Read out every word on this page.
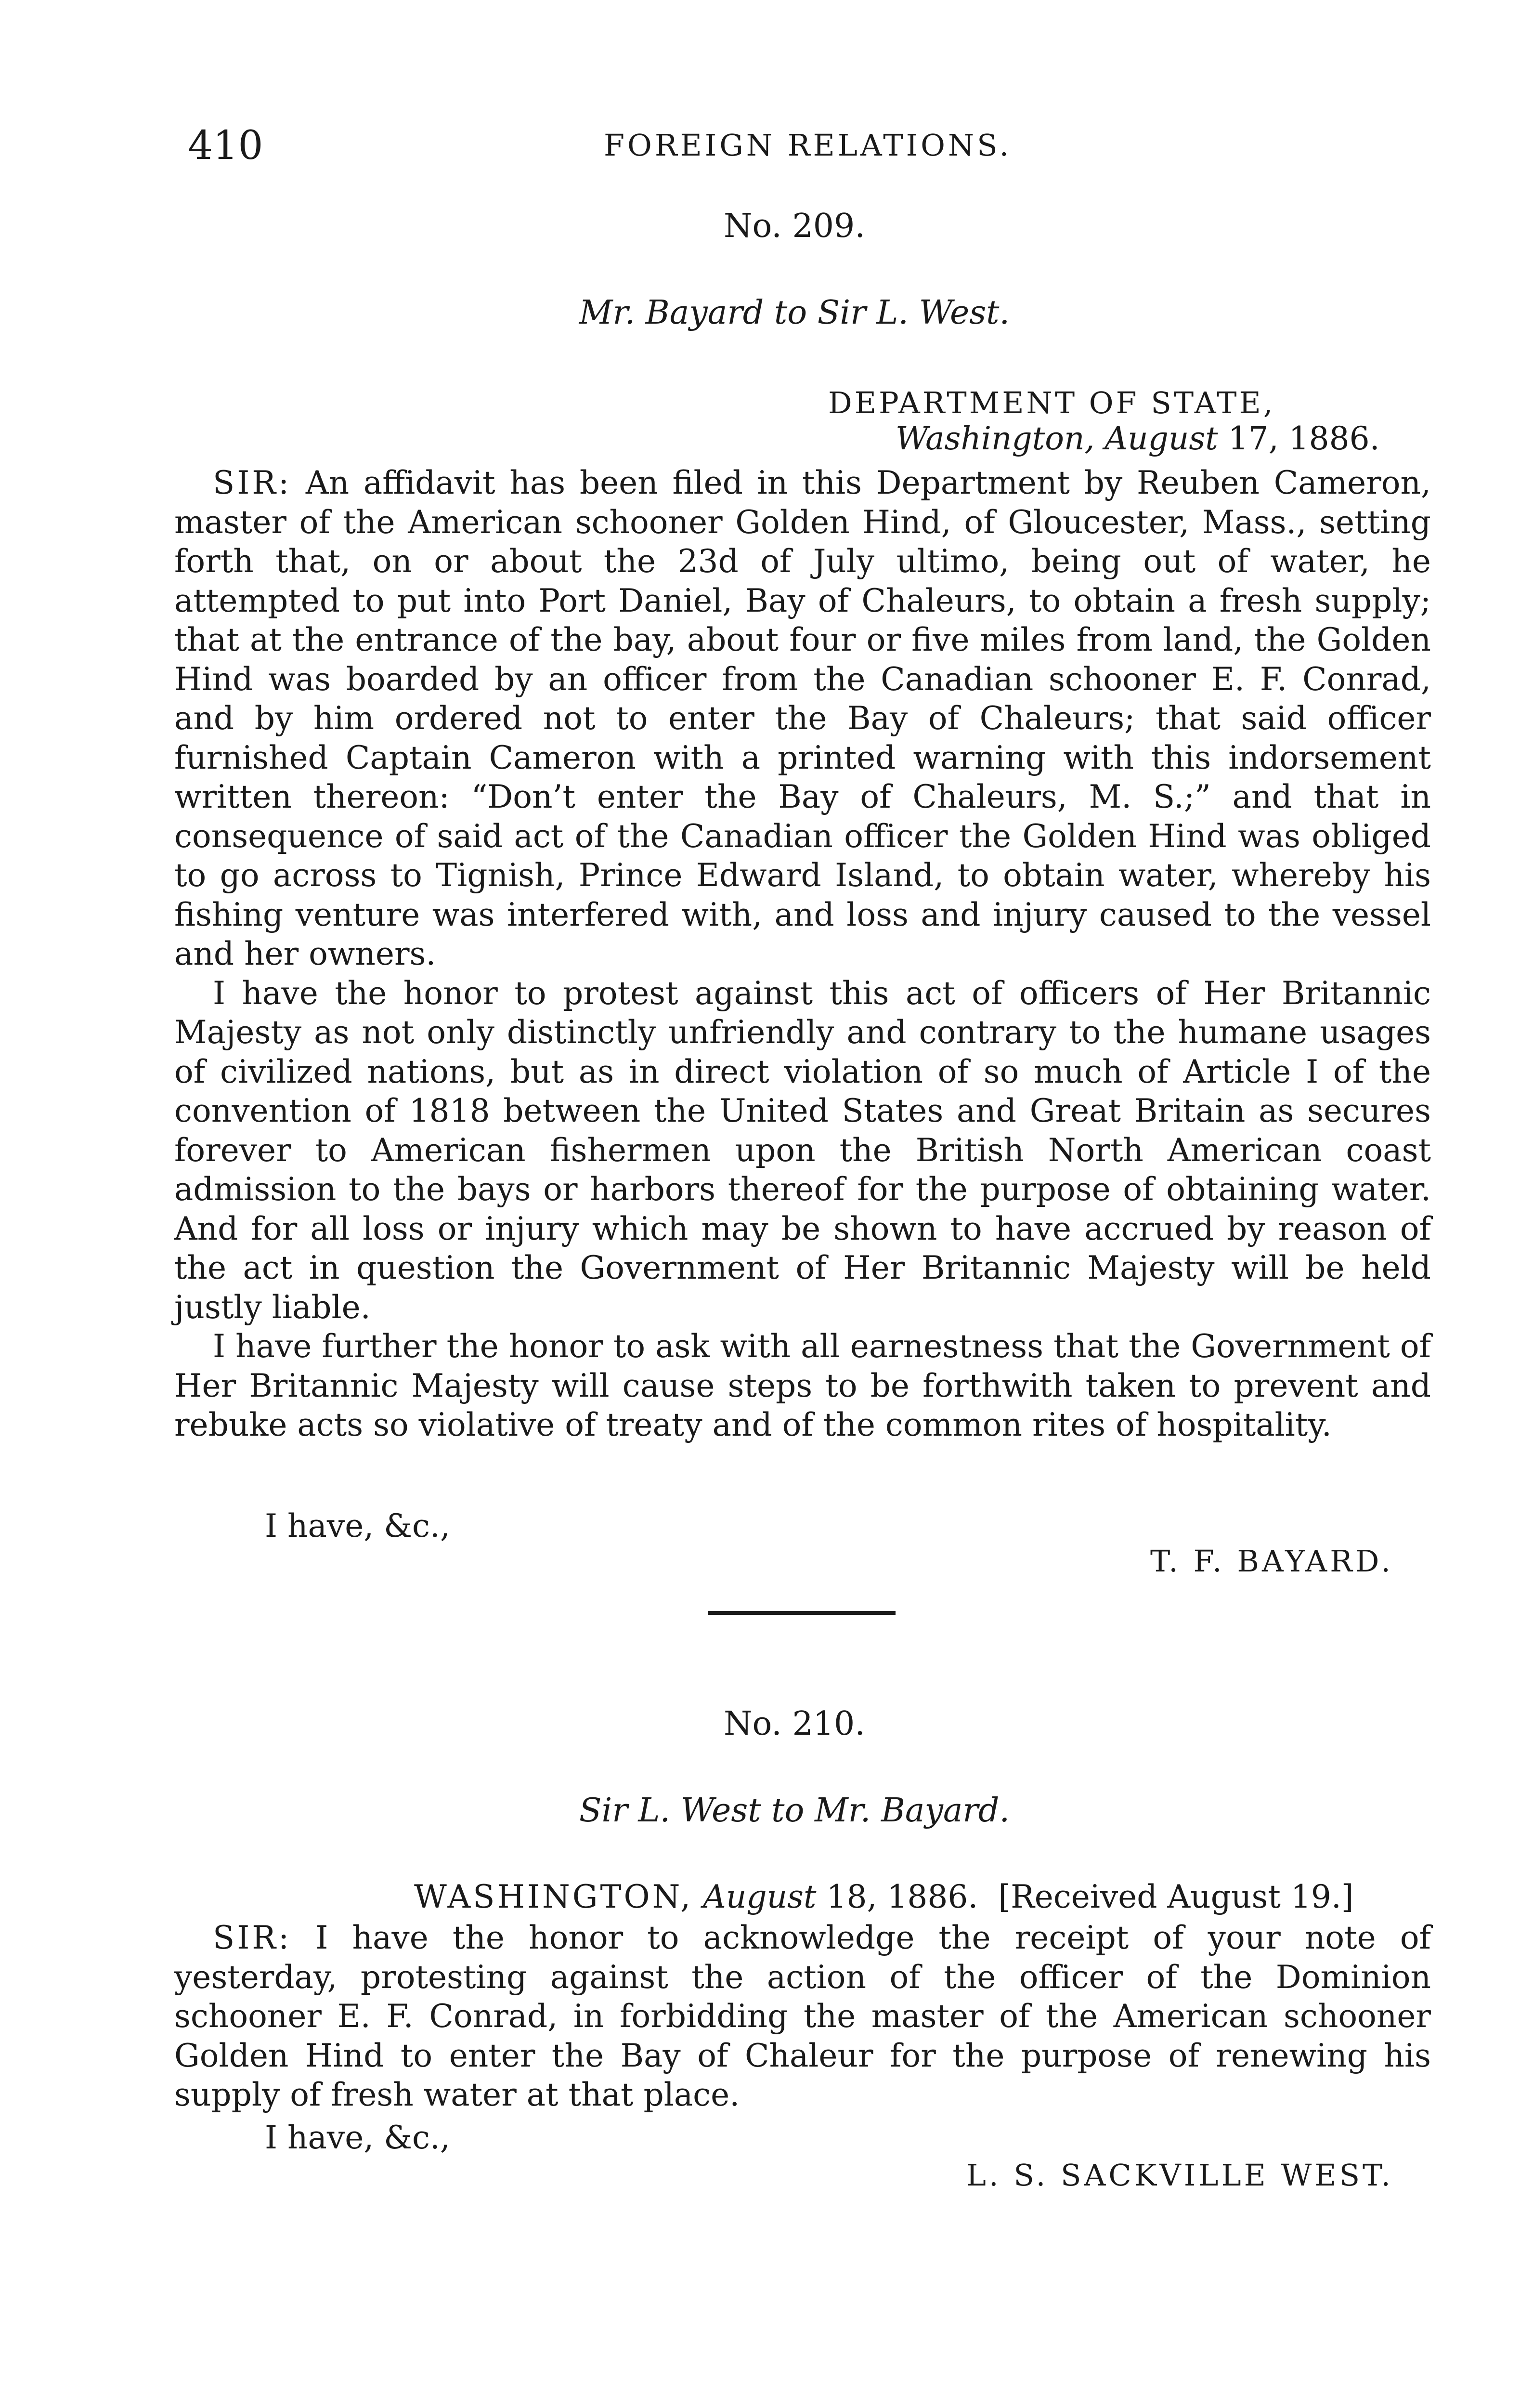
410	FOREIGN RELATIONS.
No. 209.
Mr. Bayard to Sir L. West.
DEPARTMENT OF STATE,
Washington, August 17, 1886.

SIR: An affidavit has been filed in this Department by Reuben Cameron, master of the American schooner Golden Hind, of Gloucester, Mass., setting forth that, on or about the 23d of July ultimo, being out of water, he attempted to put into Port Daniel, Bay of Chaleurs, to obtain a fresh supply; that at the entrance of the bay, about four or five miles from land, the Golden Hind was boarded by an officer from the Canadian schooner E. F. Conrad, and by him ordered not to enter the Bay of Chaleurs; that said officer furnished Captain Cameron with a printed warning with this indorsement written thereon: “Don’t enter the Bay of Chaleurs, M. S.;” and that in consequence of said act of the Canadian officer the Golden Hind was obliged to go across to Tignish, Prince Edward Island, to obtain water, whereby his fishing venture was interfered with, and loss and injury caused to the vessel and her owners.

I have the honor to protest against this act of officers of Her Britannic Majesty as not only distinctly unfriendly and contrary to the humane usages of civilized nations, but as in direct violation of so much of Article I of the convention of 1818 between the United States and Great Britain as secures forever to American fishermen upon the British North American coast admission to the bays or harbors thereof for the purpose of obtaining water. And for all loss or injury which may be shown to have accrued by reason of the act in question the Government of Her Britannic Majesty will be held justly liable.

I have further the honor to ask with all earnestness that the Government of Her Britannic Majesty will cause steps to be forthwith taken to prevent and rebuke acts so violative of treaty and of the common rites of hospitality.

I have, &c.,
T. F. BAYARD.
No. 210.
Sir L. West to Mr. Bayard.
WASHINGTON, August 18, 1886. [Received August 19.]

SIR: I have the honor to acknowledge the receipt of your note of yesterday, protesting against the action of the officer of the Dominion schooner E. F. Conrad, in forbidding the master of the American schooner Golden Hind to enter the Bay of Chaleur for the purpose of renewing his supply of fresh water at that place.

I have, &c.,
L. S. SACKVILLE WEST.
